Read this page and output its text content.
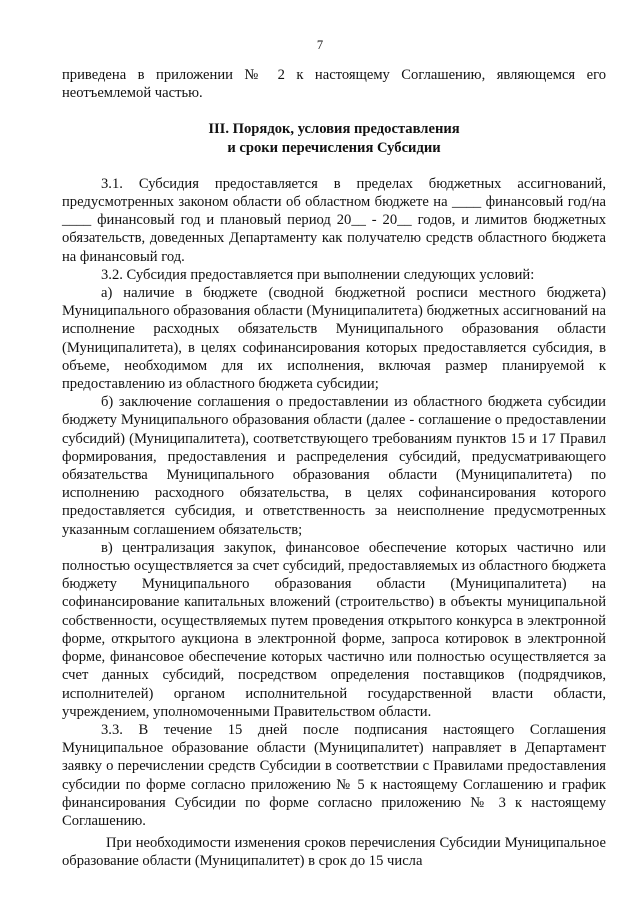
7

приведена в приложении № 2 к настоящему Соглашению, являющемся его неотъемлемой частью.

III. Порядок, условия предоставления
и сроки перечисления Субсидии

3.1. Субсидия предоставляется в пределах бюджетных ассигнований, предусмотренных законом области об областном бюджете на ____ финансовый год/на ____ финансовый год и плановый период 20__ - 20__ годов, и лимитов бюджетных обязательств, доведенных Департаменту как получателю средств областного бюджета на финансовый год.

3.2. Субсидия предоставляется при выполнении следующих условий:

а) наличие в бюджете (сводной бюджетной росписи местного бюджета) Муниципального образования области (Муниципалитета) бюджетных ассигнований на исполнение расходных обязательств Муниципального образования области (Муниципалитета), в целях софинансирования которых предоставляется субсидия, в объеме, необходимом для их исполнения, включая размер планируемой к предоставлению из областного бюджета субсидии;

б) заключение соглашения о предоставлении из областного бюджета субсидии бюджету Муниципального образования области (далее - соглашение о предоставлении субсидий) (Муниципалитета), соответствующего требованиям пунктов 15 и 17 Правил формирования, предоставления и распределения субсидий, предусматривающего обязательства Муниципального образования области (Муниципалитета) по исполнению расходного обязательства, в целях софинансирования которого предоставляется субсидия, и ответственность за неисполнение предусмотренных указанным соглашением обязательств;

в) централизация закупок, финансовое обеспечение которых частично или полностью осуществляется за счет субсидий, предоставляемых из областного бюджета бюджету Муниципального образования области (Муниципалитета) на софинансирование капитальных вложений (строительство) в объекты муниципальной собственности, осуществляемых путем проведения открытого конкурса в электронной форме, открытого аукциона в электронной форме, запроса котировок в электронной форме, финансовое обеспечение которых частично или полностью осуществляется за счет данных субсидий, посредством определения поставщиков (подрядчиков, исполнителей) органом исполнительной государственной власти области, учреждением, уполномоченными Правительством области.

3.3. В течение 15 дней после подписания настоящего Соглашения Муниципальное образование области (Муниципалитет) направляет в Департамент заявку о перечислении средств Субсидии в соответствии с Правилами предоставления субсидии по форме согласно приложению № 5 к настоящему Соглашению и график финансирования Субсидии по форме согласно приложению № 3 к настоящему Соглашению.

При необходимости изменения сроков перечисления Субсидии Муниципальное образование области (Муниципалитет) в срок до 15 числа
